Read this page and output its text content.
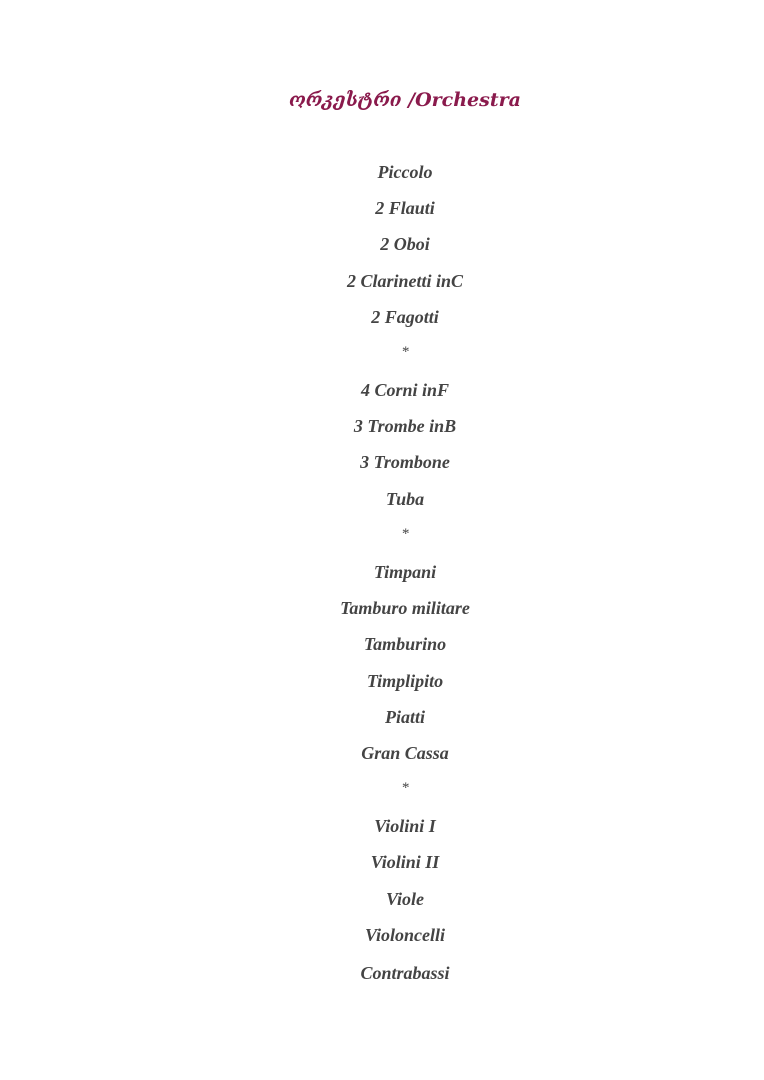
ორკესტრი /Orchestra
Piccolo
2 Flauti
2 Oboi
2 Clarinetti inC
2 Fagotti
*
4 Corni inF
3 Trombe inB
3 Trombone
Tuba
*
Timpani
Tamburo militare
Tamburino
Timplipito
Piatti
Gran Cassa
*
Violini I
Violini II
Viole
Violoncelli
Contrabassi
